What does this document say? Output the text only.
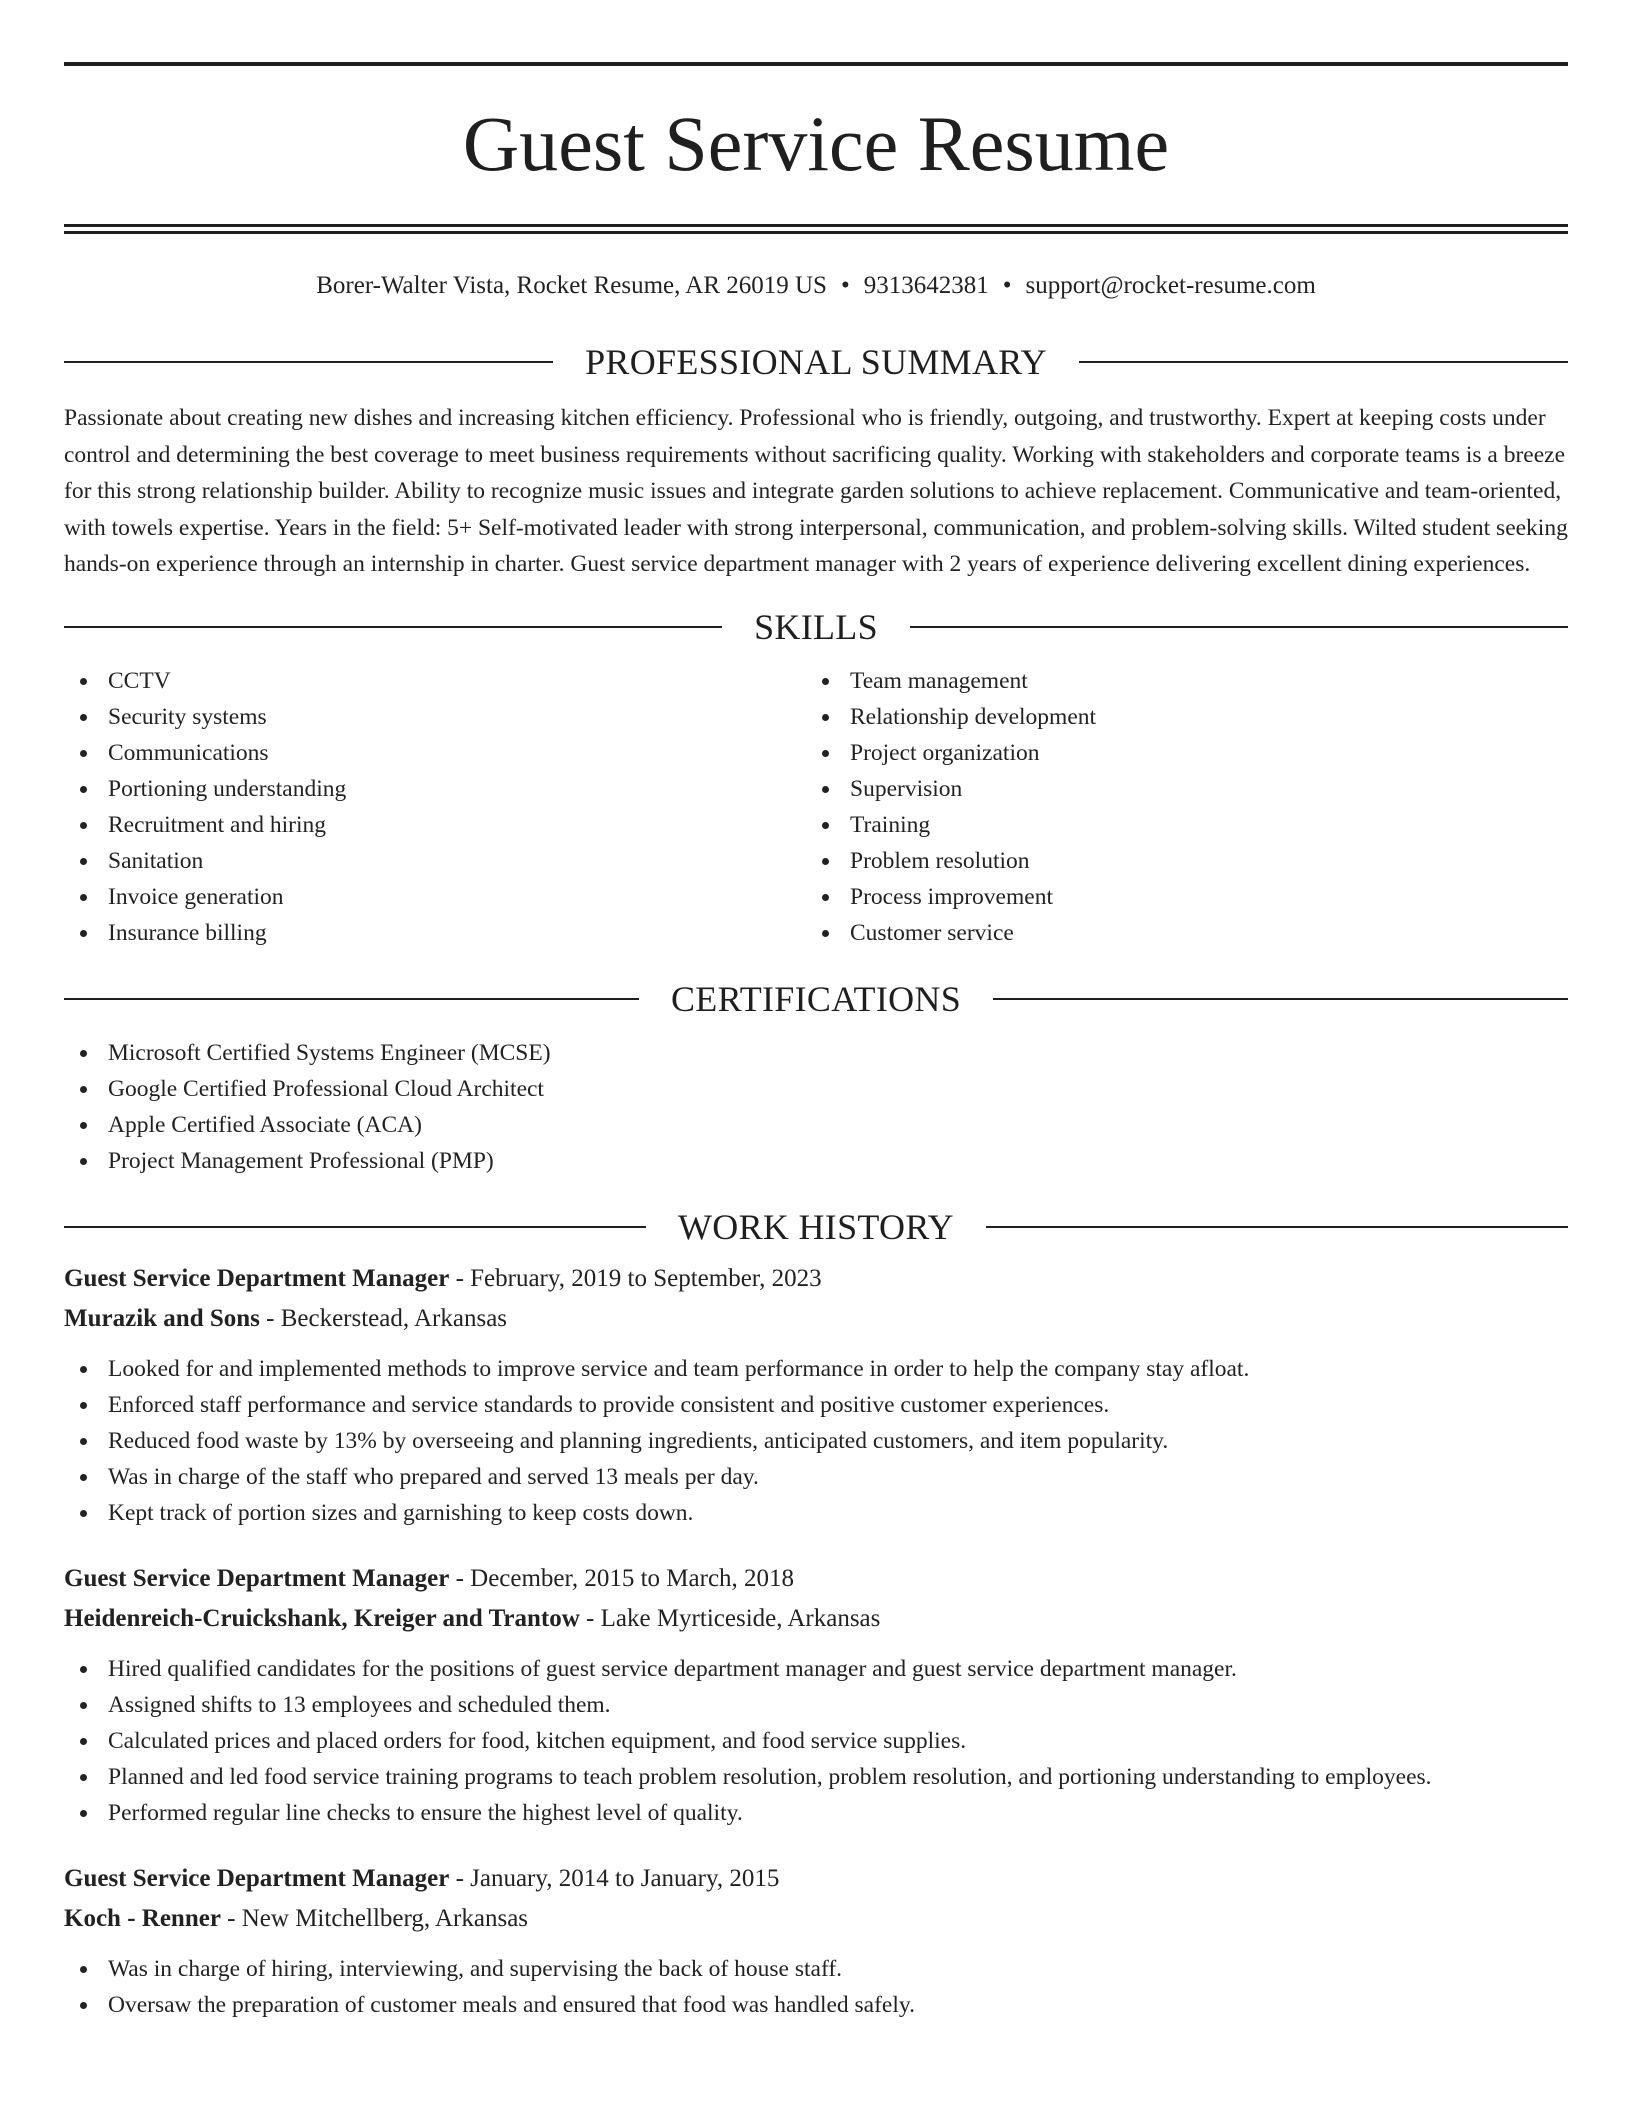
Guest Service Resume
Borer-Walter Vista, Rocket Resume, AR 26019 US • 9313642381 • support@rocket-resume.com
PROFESSIONAL SUMMARY
Passionate about creating new dishes and increasing kitchen efficiency. Professional who is friendly, outgoing, and trustworthy. Expert at keeping costs under control and determining the best coverage to meet business requirements without sacrificing quality. Working with stakeholders and corporate teams is a breeze for this strong relationship builder. Ability to recognize music issues and integrate garden solutions to achieve replacement. Communicative and team-oriented, with towels expertise. Years in the field: 5+ Self-motivated leader with strong interpersonal, communication, and problem-solving skills. Wilted student seeking hands-on experience through an internship in charter. Guest service department manager with 2 years of experience delivering excellent dining experiences.
SKILLS
CCTV
Security systems
Communications
Portioning understanding
Recruitment and hiring
Sanitation
Invoice generation
Insurance billing
Team management
Relationship development
Project organization
Supervision
Training
Problem resolution
Process improvement
Customer service
CERTIFICATIONS
Microsoft Certified Systems Engineer (MCSE)
Google Certified Professional Cloud Architect
Apple Certified Associate (ACA)
Project Management Professional (PMP)
WORK HISTORY
Guest Service Department Manager - February, 2019 to September, 2023
Murazik and Sons - Beckerstead, Arkansas
Looked for and implemented methods to improve service and team performance in order to help the company stay afloat.
Enforced staff performance and service standards to provide consistent and positive customer experiences.
Reduced food waste by 13% by overseeing and planning ingredients, anticipated customers, and item popularity.
Was in charge of the staff who prepared and served 13 meals per day.
Kept track of portion sizes and garnishing to keep costs down.
Guest Service Department Manager - December, 2015 to March, 2018
Heidenreich-Cruickshank, Kreiger and Trantow - Lake Myrticeside, Arkansas
Hired qualified candidates for the positions of guest service department manager and guest service department manager.
Assigned shifts to 13 employees and scheduled them.
Calculated prices and placed orders for food, kitchen equipment, and food service supplies.
Planned and led food service training programs to teach problem resolution, problem resolution, and portioning understanding to employees.
Performed regular line checks to ensure the highest level of quality.
Guest Service Department Manager - January, 2014 to January, 2015
Koch - Renner - New Mitchellberg, Arkansas
Was in charge of hiring, interviewing, and supervising the back of house staff.
Oversaw the preparation of customer meals and ensured that food was handled safely.
